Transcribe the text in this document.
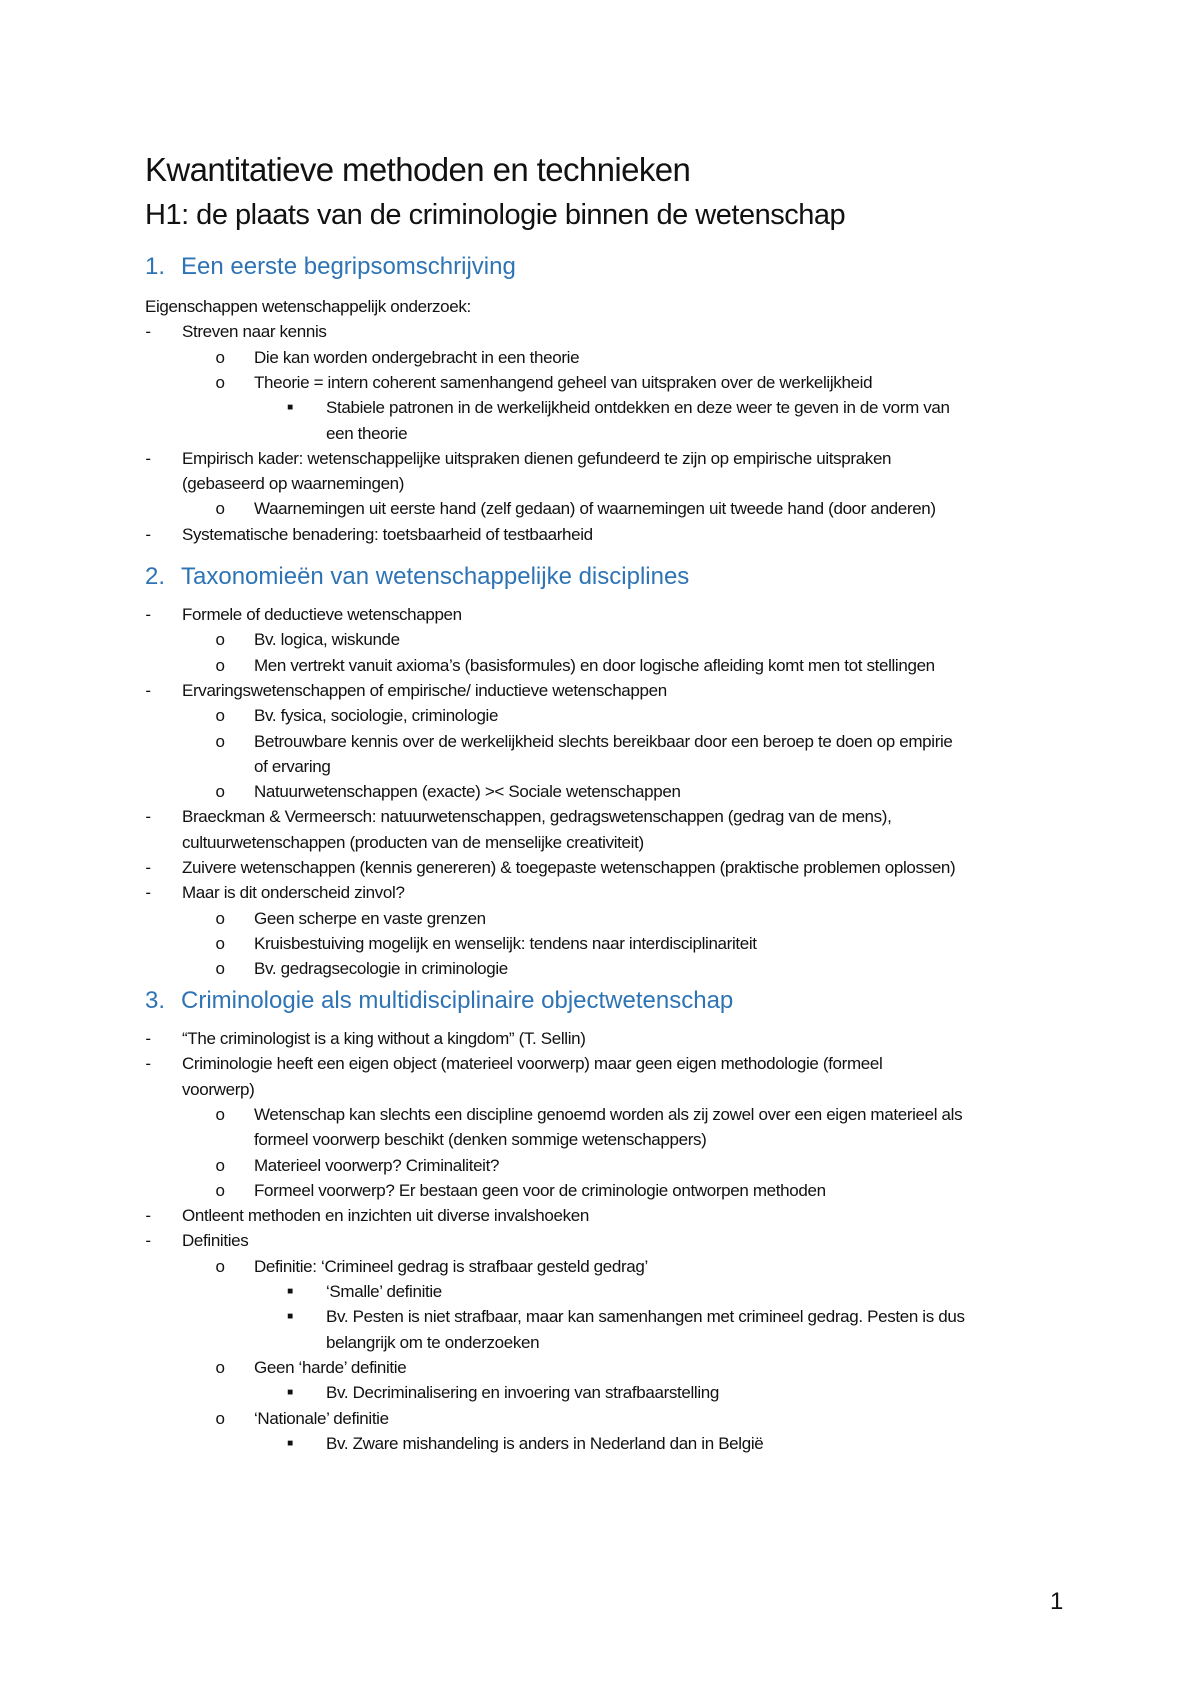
Kwantitatieve methoden en technieken
H1: de plaats van de criminologie binnen de wetenschap
1. Een eerste begripsomschrijving
Eigenschappen wetenschappelijk onderzoek:
-	Streven naar kennis
o	Die kan worden ondergebracht in een theorie
o	Theorie = intern coherent samenhangend geheel van uitspraken over de werkelijkheid
■	Stabiele patronen in de werkelijkheid ontdekken en deze weer te geven in de vorm van
een theorie
-	Empirisch kader: wetenschappelijke uitspraken dienen gefundeerd te zijn op empirische uitspraken
(gebaseerd op waarnemingen)
o	Waarnemingen uit eerste hand (zelf gedaan) of waarnemingen uit tweede hand (door anderen)
-	Systematische benadering: toetsbaarheid of testbaarheid
2. Taxonomieën van wetenschappelijke disciplines
-	Formele of deductieve wetenschappen
o	Bv. logica, wiskunde
o	Men vertrekt vanuit axioma’s (basisformules) en door logische afleiding komt men tot stellingen
-	Ervaringswetenschappen of empirische/ inductieve wetenschappen
o	Bv. fysica, sociologie, criminologie
o	Betrouwbare kennis over de werkelijkheid slechts bereikbaar door een beroep te doen op empirie
of ervaring
o	Natuurwetenschappen (exacte) >< Sociale wetenschappen
-	Braeckman & Vermeersch: natuurwetenschappen, gedragswetenschappen (gedrag van de mens),
cultuurwetenschappen (producten van de menselijke creativiteit)
-	Zuivere wetenschappen (kennis genereren) & toegepaste wetenschappen (praktische problemen oplossen)
-	Maar is dit onderscheid zinvol?
o	Geen scherpe en vaste grenzen
o	Kruisbestuiving mogelijk en wenselijk: tendens naar interdisciplinariteit
o	Bv. gedragsecologie in criminologie
3. Criminologie als multidisciplinaire objectwetenschap
-	“The criminologist is a king without a kingdom” (T. Sellin)
-	Criminologie heeft een eigen object (materieel voorwerp) maar geen eigen methodologie (formeel
voorwerp)
o	Wetenschap kan slechts een discipline genoemd worden als zij zowel over een eigen materieel als
formeel voorwerp beschikt (denken sommige wetenschappers)
o	Materieel voorwerp? Criminaliteit?
o	Formeel voorwerp? Er bestaan geen voor de criminologie ontworpen methoden
-	Ontleent methoden en inzichten uit diverse invalshoeken
-	Definities
o	Definitie: ‘Crimineel gedrag is strafbaar gesteld gedrag’
■	‘Smalle’ definitie
■	Bv. Pesten is niet strafbaar, maar kan samenhangen met crimineel gedrag. Pesten is dus
belangrijk om te onderzoeken
o	Geen ‘harde’ definitie
■	Bv. Decriminalisering en invoering van strafbaarstelling
o	‘Nationale’ definitie
■	Bv. Zware mishandeling is anders in Nederland dan in België

1
